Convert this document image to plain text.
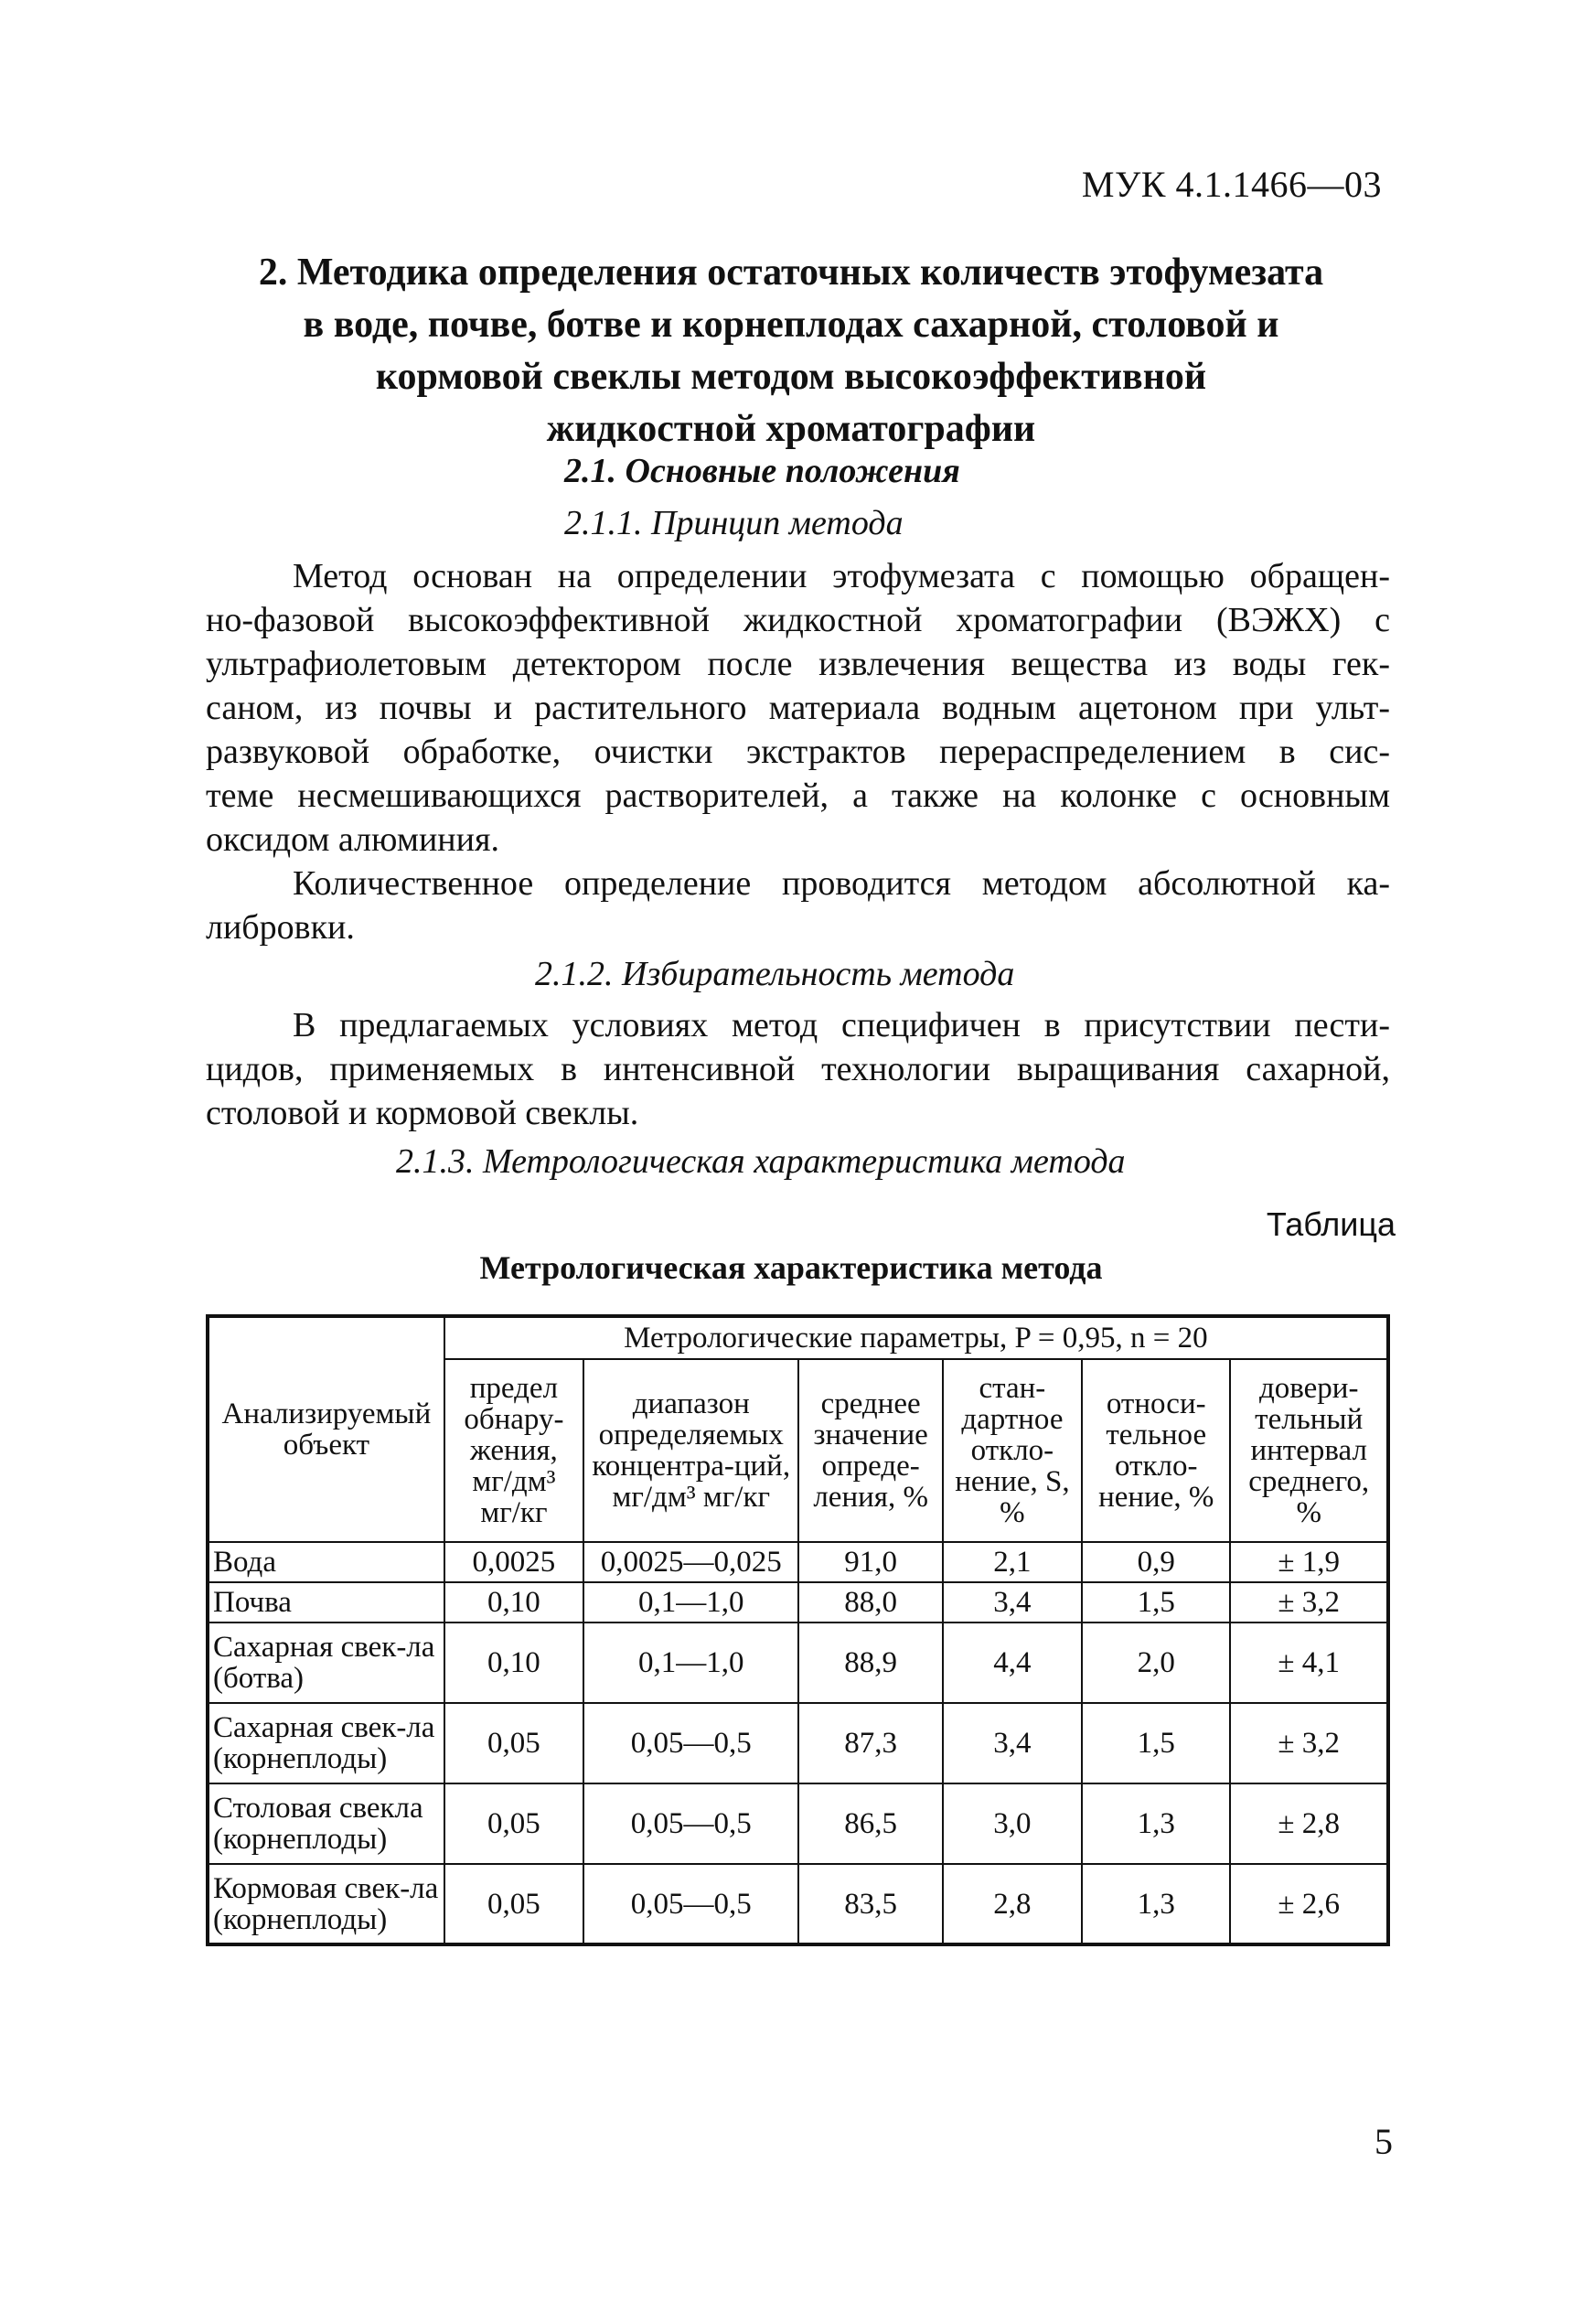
МУК 4.1.1466—03
2. Методика определения остаточных количеств этофумезата
в воде, почве, ботве и корнеплодах сахарной, столовой и
кормовой свеклы методом высокоэффективной
жидкостной хроматографии
2.1. Основные положения
2.1.1. Принцип метода
Метод основан на определении этофумезата с помощью обращен-
но-фазовой высокоэффективной жидкостной хроматографии (ВЭЖХ) с
ультрафиолетовым детектором после извлечения вещества из воды гек-
саном, из почвы и растительного материала водным ацетоном при ульт-
развуковой обработке, очистки экстрактов перераспределением в сис-
теме несмешивающихся растворителей, а также на колонке с основным
оксидом алюминия.
Количественное определение проводится методом абсолютной ка-
либровки.
2.1.2. Избирательность метода
В предлагаемых условиях метод специфичен в присутствии пести-
цидов, применяемых в интенсивной технологии выращивания сахарной,
столовой и кормовой свеклы.
2.1.3. Метрологическая характеристика метода
Таблица
Метрологическая характеристика метода
Анализируемый объект	Метрологические параметры, P = 0,95, n = 20					
	предел обнару-жения, мг/дм³ мг/кг	диапазон определяемых концентра-ций, мг/дм³ мг/кг	среднее значение опреде-ления, %	стан-дартное откло-нение, S, %	относи-тельное откло-нение, %	довери-тельный интервал среднего, %
Вода	0,0025	0,0025—0,025	91,0	2,1	0,9	± 1,9
Почва	0,10	0,1—1,0	88,0	3,4	1,5	± 3,2
Сахарная свек-ла (ботва)	0,10	0,1—1,0	88,9	4,4	2,0	± 4,1
Сахарная свек-ла (корнеплоды)	0,05	0,05—0,5	87,3	3,4	1,5	± 3,2
Столовая свекла (корнеплоды)	0,05	0,05—0,5	86,5	3,0	1,3	± 2,8
Кормовая свек-ла (корнеплоды)	0,05	0,05—0,5	83,5	2,8	1,3	± 2,6
5
